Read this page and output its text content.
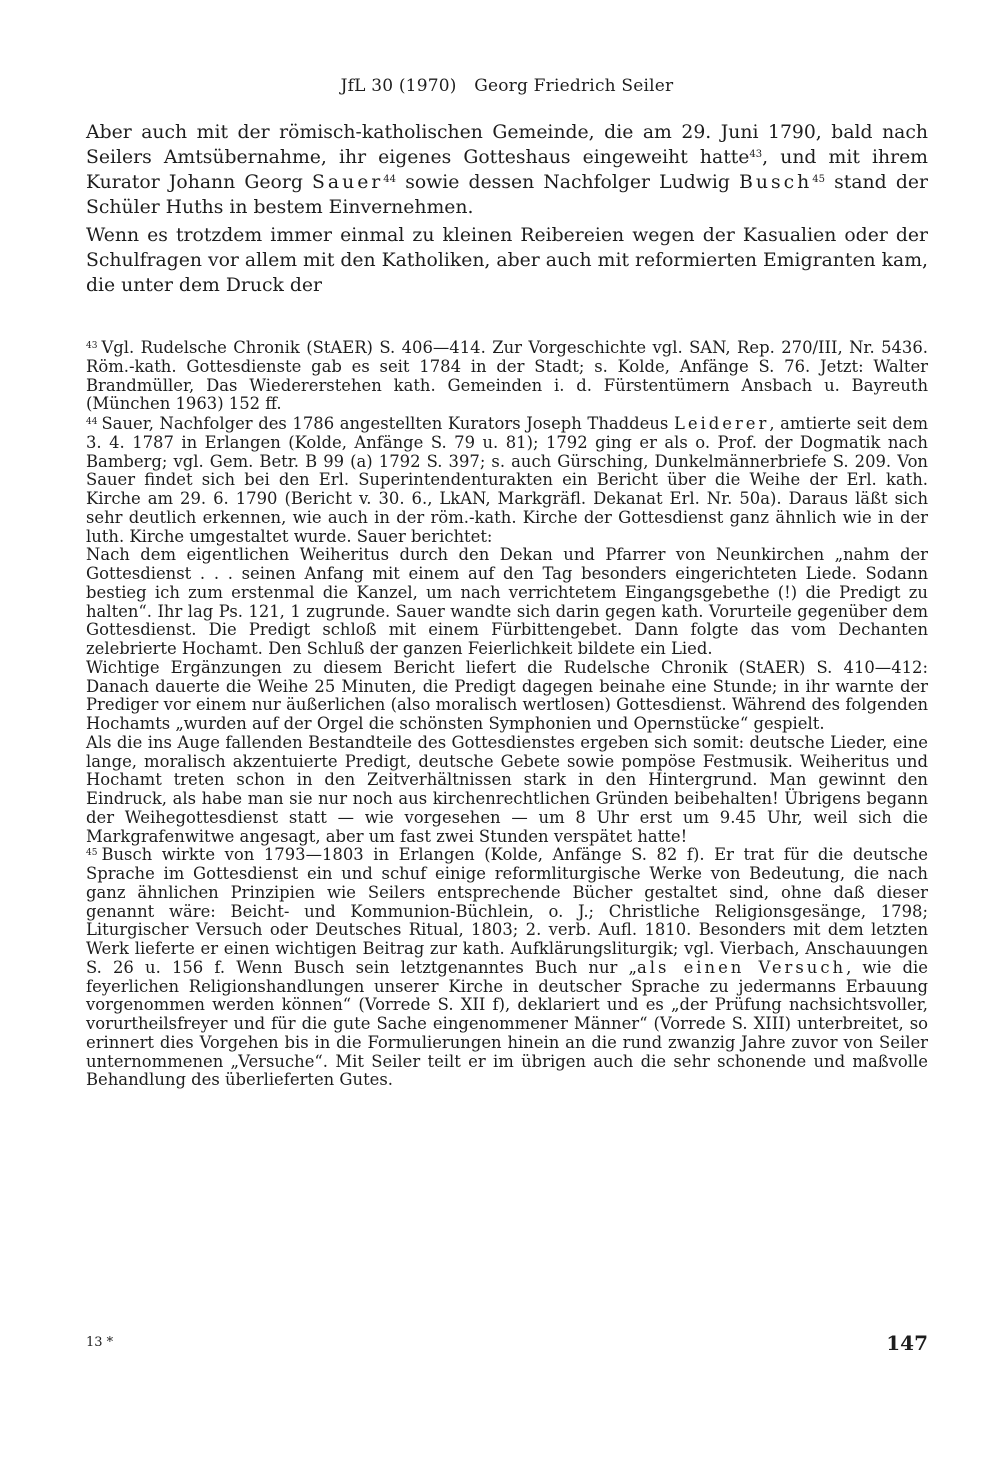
JfL 30 (1970) Georg Friedrich Seiler

Aber auch mit der römisch-katholischen Gemeinde, die am 29. Juni 1790, bald nach Seilers Amtsübernahme, ihr eigenes Gotteshaus eingeweiht hatte$^{43}$, und mit ihrem Kurator Johann Georg Sauer$^{44}$ sowie dessen Nachfolger Ludwig Busch$^{45}$ stand der Schüler Huths in bestem Einvernehmen.

Wenn es trotzdem immer einmal zu kleinen Reibereien wegen der Kasualien oder der Schulfragen vor allem mit den Katholiken, aber auch mit reformierten Emigranten kam, die unter dem Druck der

$^{43}$ Vgl. Rudelsche Chronik (StAER) S. 406—414. Zur Vorgeschichte vgl. SAN, Rep. 270/III, Nr. 5436. Röm.-kath. Gottesdienste gab es seit 1784 in der Stadt; s. Kolde, Anfänge S. 76. Jetzt: Walter Brandmüller, Das Wiedererstehen kath. Gemeinden i. d. Fürstentümern Ansbach u. Bayreuth (München 1963) 152 ff.

$^{44}$ Sauer, Nachfolger des 1786 angestellten Kurators Joseph Thaddeus Leiderer, amtierte seit dem 3. 4. 1787 in Erlangen (Kolde, Anfänge S. 79 u. 81); 1792 ging er als o. Prof. der Dogmatik nach Bamberg; vgl. Gem. Betr. B 99 (a) 1792 S. 397; s. auch Gürsching, Dunkelmännerbriefe S. 209. Von Sauer findet sich bei den Erl. Superintendenturakten ein Bericht über die Weihe der Erl. kath. Kirche am 29. 6. 1790 (Bericht v. 30. 6., LkAN, Markgräfl. Dekanat Erl. Nr. 50a). Daraus läßt sich sehr deutlich erkennen, wie auch in der röm.-kath. Kirche der Gottesdienst ganz ähnlich wie in der luth. Kirche umgestaltet wurde. Sauer berichtet:

Nach dem eigentlichen Weiheritus durch den Dekan und Pfarrer von Neunkirchen „nahm der Gottesdienst . . . seinen Anfang mit einem auf den Tag besonders eingerichteten Liede. Sodann bestieg ich zum erstenmal die Kanzel, um nach verrichtetem Eingangsgebethe (!) die Predigt zu halten“. Ihr lag Ps. 121, 1 zugrunde. Sauer wandte sich darin gegen kath. Vorurteile gegenüber dem Gottesdienst. Die Predigt schloß mit einem Fürbittengebet. Dann folgte das vom Dechanten zelebrierte Hochamt. Den Schluß der ganzen Feierlichkeit bildete ein Lied.

Wichtige Ergänzungen zu diesem Bericht liefert die Rudelsche Chronik (StAER) S. 410—412: Danach dauerte die Weihe 25 Minuten, die Predigt dagegen beinahe eine Stunde; in ihr warnte der Prediger vor einem nur äußerlichen (also moralisch wertlosen) Gottesdienst. Während des folgenden Hochamts „wurden auf der Orgel die schönsten Symphonien und Opernstücke“ gespielt.

Als die ins Auge fallenden Bestandteile des Gottesdienstes ergeben sich somit: deutsche Lieder, eine lange, moralisch akzentuierte Predigt, deutsche Gebete sowie pompöse Festmusik. Weiheritus und Hochamt treten schon in den Zeitverhältnissen stark in den Hintergrund. Man gewinnt den Eindruck, als habe man sie nur noch aus kirchenrechtlichen Gründen beibehalten! Übrigens begann der Weihegottesdienst statt — wie vorgesehen — um 8 Uhr erst um 9.45 Uhr, weil sich die Markgrafenwitwe angesagt, aber um fast zwei Stunden verspätet hatte!

$^{45}$ Busch wirkte von 1793—1803 in Erlangen (Kolde, Anfänge S. 82 f). Er trat für die deutsche Sprache im Gottesdienst ein und schuf einige reformliturgische Werke von Bedeutung, die nach ganz ähnlichen Prinzipien wie Seilers entsprechende Bücher gestaltet sind, ohne daß dieser genannt wäre: Beicht- und Kommunion-Büchlein, o. J.; Christliche Religionsgesänge, 1798; Liturgischer Versuch oder Deutsches Ritual, 1803; 2. verb. Aufl. 1810. Besonders mit dem letzten Werk lieferte er einen wichtigen Beitrag zur kath. Aufklärungsliturgik; vgl. Vierbach, Anschauungen S. 26 u. 156 f. Wenn Busch sein letztgenanntes Buch nur „als einen Versuch, wie die feyerlichen Religionshandlungen unserer Kirche in deutscher Sprache zu jedermanns Erbauung vorgenommen werden können“ (Vorrede S. XII f), deklariert und es „der Prüfung nachsichtsvoller, vorurtheilsfreyer und für die gute Sache eingenommener Männer“ (Vorrede S. XIII) unterbreitet, so erinnert dies Vorgehen bis in die Formulierungen hinein an die rund zwanzig Jahre zuvor von Seiler unternommenen „Versuche“. Mit Seiler teilt er im übrigen auch die sehr schonende und maßvolle Behandlung des überlieferten Gutes.

13 *	147
